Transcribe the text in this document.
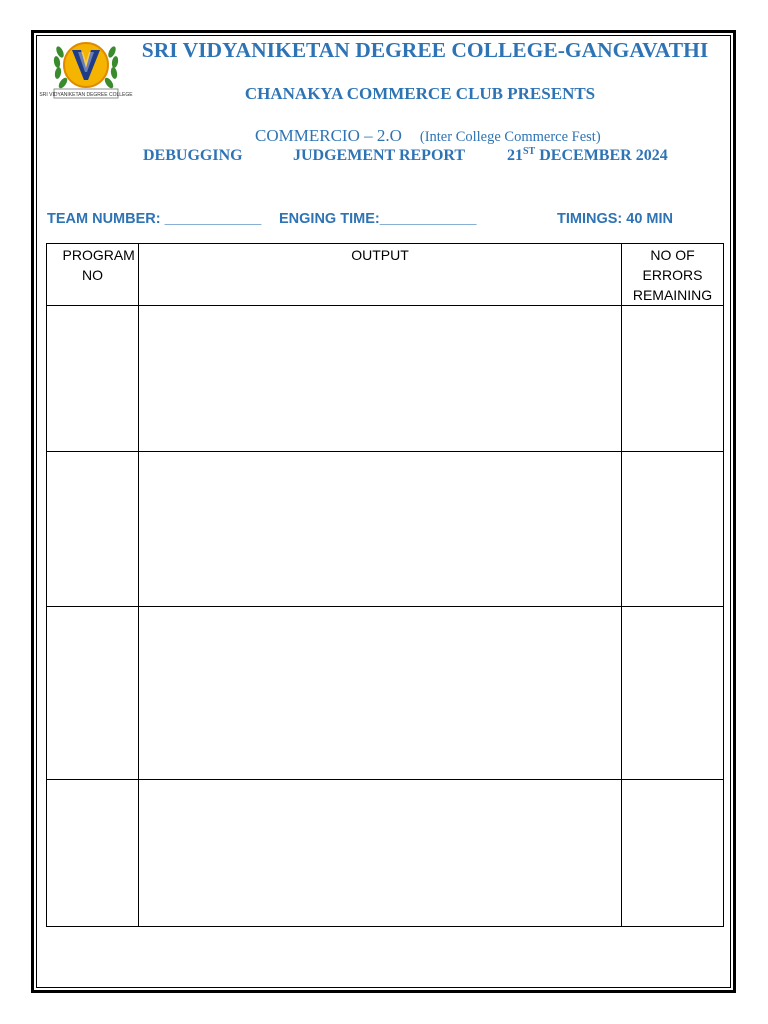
SRI VIDYANIKETAN DEGREE COLLEGE
SRI VIDYANIKETAN DEGREE COLLEGE-GANGAVATHI
CHANAKYA COMMERCE CLUB PRESENTS
COMMERCIO – 2.O (Inter College Commerce Fest)
DEBUGGING	JUDGEMENT REPORT	21ST DECEMBER 2024
TEAM NUMBER: ____________ ENGING TIME:____________	TIMINGS: 40 MIN
PROGRAM NO	OUTPUT	NO OF ERRORS REMAINING
